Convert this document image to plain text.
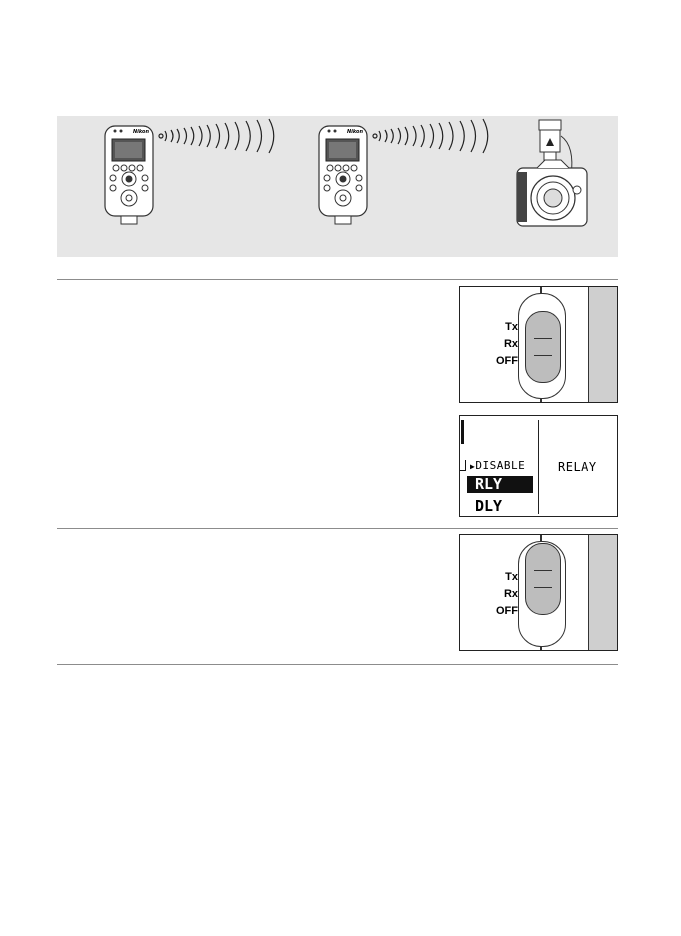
Nikon	Nikon
Tx
Rx
OFF
▶DISABLE
RLY
DLY
RELAY
Tx
Rx
OFF
